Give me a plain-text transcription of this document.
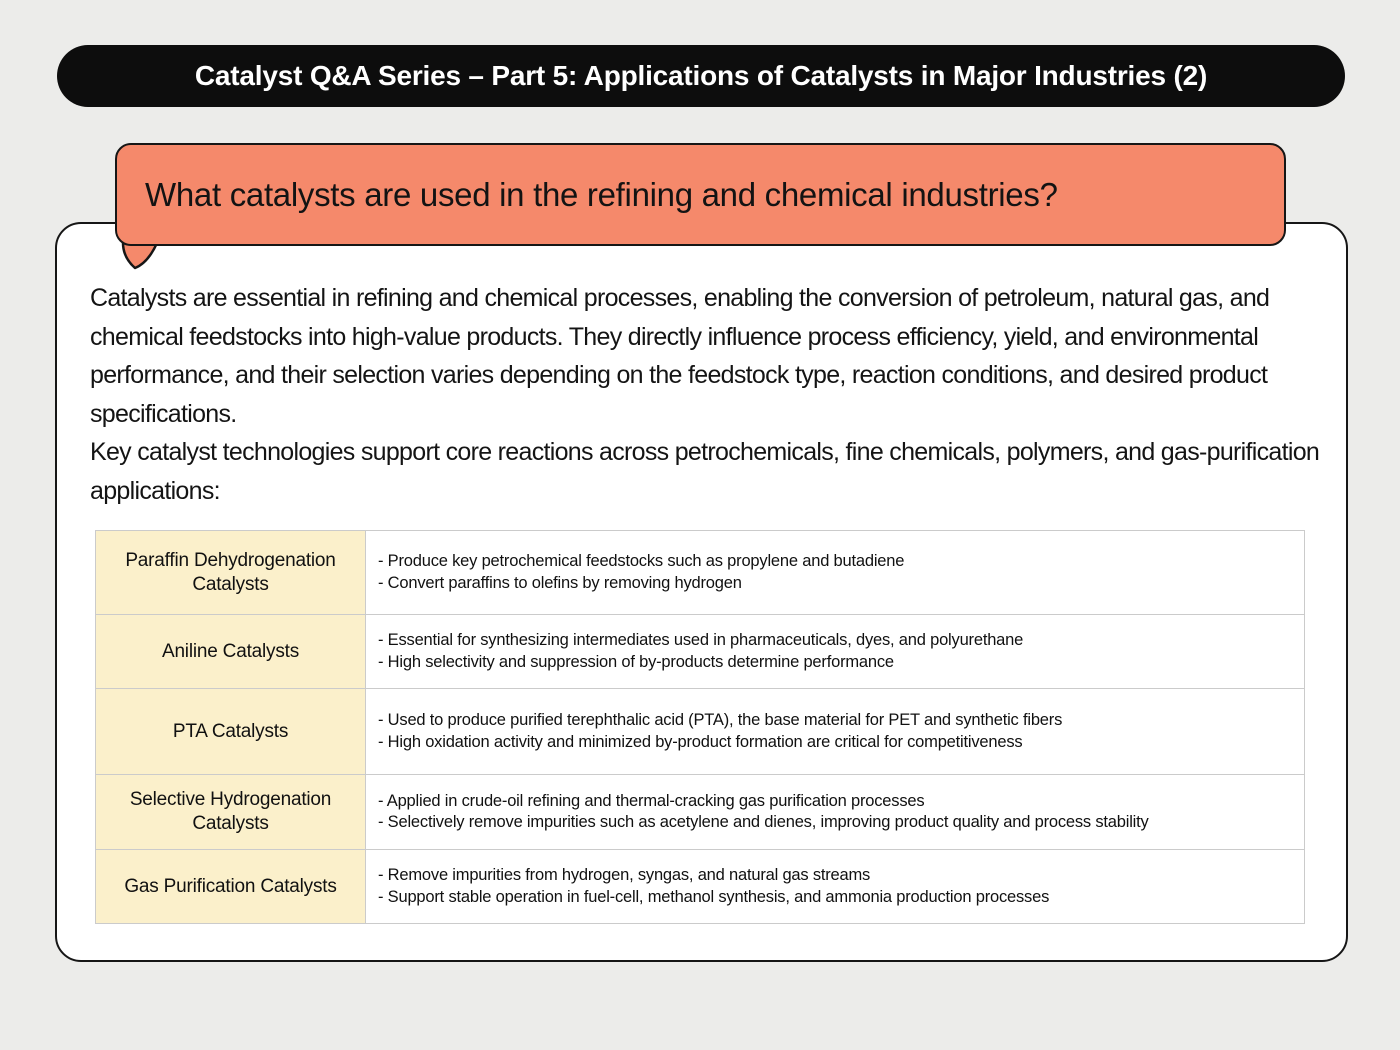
Catalyst Q&A Series – Part 5: Applications of Catalysts in Major Industries (2)
What catalysts are used in the refining and chemical industries?

Catalysts are essential in refining and chemical processes, enabling the conversion of petroleum, natural gas, and chemical feedstocks into high-value products. They directly influence process efficiency, yield, and environmental performance, and their selection varies depending on the feedstock type, reaction conditions, and desired product specifications.

Key catalyst technologies support core reactions across petrochemicals, fine chemicals, polymers, and gas-purification applications:

Paraffin Dehydrogenation Catalysts	- Produce key petrochemical feedstocks such as propylene and butadiene
- Convert paraffins to olefins by removing hydrogen

Aniline Catalysts	- Essential for synthesizing intermediates used in pharmaceuticals, dyes, and polyurethane
- High selectivity and suppression of by-products determine performance

PTA Catalysts	- Used to produce purified terephthalic acid (PTA), the base material for PET and synthetic fibers
- High oxidation activity and minimized by-product formation are critical for competitiveness

Selective Hydrogenation Catalysts	- Applied in crude-oil refining and thermal-cracking gas purification processes
- Selectively remove impurities such as acetylene and dienes, improving product quality and process stability

Gas Purification Catalysts	- Remove impurities from hydrogen, syngas, and natural gas streams
- Support stable operation in fuel-cell, methanol synthesis, and ammonia production processes
